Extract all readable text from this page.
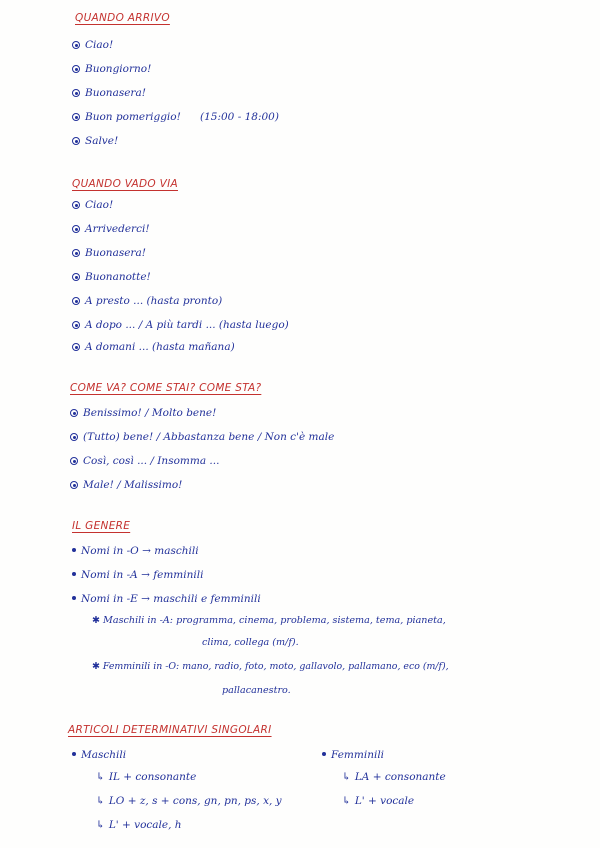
QUANDO ARRIVO
Ciao!
Buongiorno!
Buonasera!
Buon pomeriggio! (15:00 - 18:00)
Salve!
QUANDO VADO VIA
Ciao!
Arrivederci!
Buonasera!
Buonanotte!
A presto ... (hasta pronto)
A dopo ... / A più tardi ... (hasta luego)
A domani ... (hasta mañana)
COME VA? COME STAI? COME STA?
Benissimo! / Molto bene!
(Tutto) bene! / Abbastanza bene / Non c'è male
Così, così ... / Insomma ...
Male! / Malissimo!
IL GENERE
Nomi in -O → maschili
Nomi in -A → femminili
Nomi in -E → maschili e femminili
✱ Maschili in -A: programma, cinema, problema, sistema, tema, pianeta,
clima, collega (m/f).
✱ Femminili in -O: mano, radio, foto, moto, gallavolo, pallamano, eco (m/f),
pallacanestro.
ARTICOLI DETERMINATIVI SINGOLARI
Maschili
↳ IL + consonante
↳ LO + z, s + cons, gn, pn, ps, x, y
↳ L' + vocale, h
Femminili
↳ LA + consonante
↳ L' + vocale
